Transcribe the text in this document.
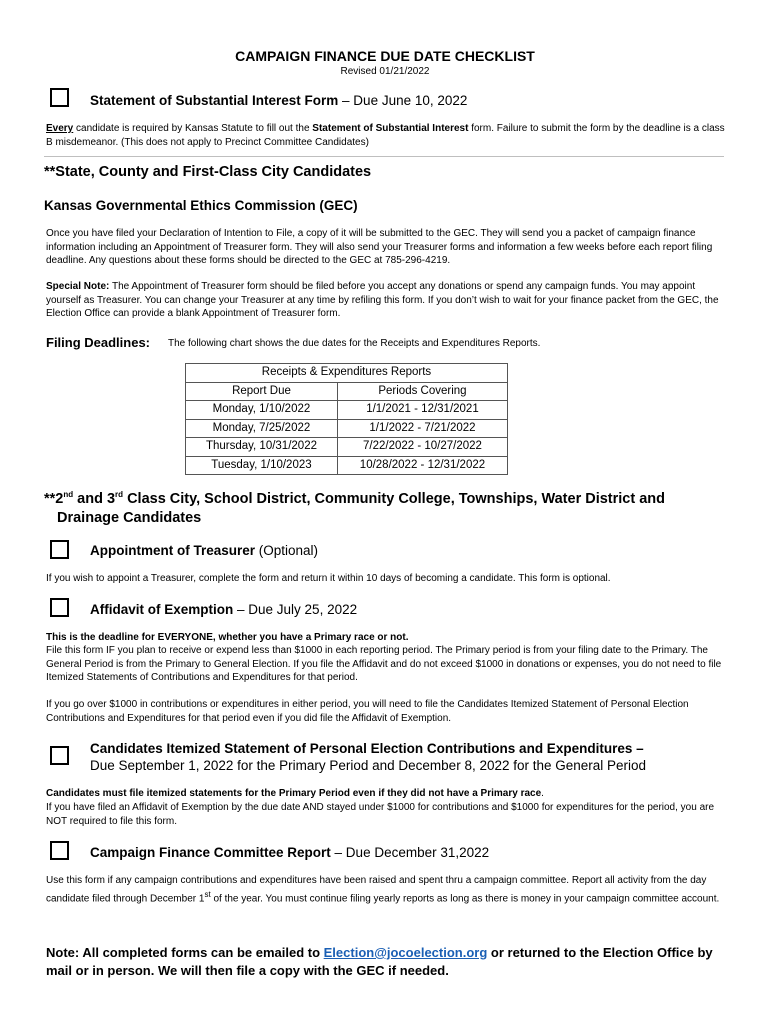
CAMPAIGN FINANCE DUE DATE CHECKLIST
Revised 01/21/2022
Statement of Substantial Interest Form – Due June 10, 2022
Every candidate is required by Kansas Statute to fill out the Statement of Substantial Interest form. Failure to submit the form by the deadline is a class B misdemeanor. (This does not apply to Precinct Committee Candidates)
**State, County and First-Class City Candidates
Kansas Governmental Ethics Commission (GEC)
Once you have filed your Declaration of Intention to File, a copy of it will be submitted to the GEC. They will send you a packet of campaign finance information including an Appointment of Treasurer form. They will also send your Treasurer forms and information a few weeks before each report filing deadline. Any questions about these forms should be directed to the GEC at 785-296-4219.
Special Note: The Appointment of Treasurer form should be filed before you accept any donations or spend any campaign funds. You may appoint yourself as Treasurer. You can change your Treasurer at any time by refiling this form. If you don’t wish to wait for your finance packet from the GEC, the Election Office can provide a blank Appointment of Treasurer form.
Filing Deadlines: The following chart shows the due dates for the Receipts and Expenditures Reports.
Receipts & Expenditures Reports	
Report Due	Periods Covering
Monday, 1/10/2022	1/1/2021 - 12/31/2021
Monday, 7/25/2022	1/1/2022 - 7/21/2022
Thursday, 10/31/2022	7/22/2022 - 10/27/2022
Tuesday, 1/10/2023	10/28/2022 - 12/31/2022
**2nd and 3rd Class City, School District, Community College, Townships, Water District and
Drainage Candidates
Appointment of Treasurer (Optional)
If you wish to appoint a Treasurer, complete the form and return it within 10 days of becoming a candidate. This form is optional.
Affidavit of Exemption – Due July 25, 2022
This is the deadline for EVERYONE, whether you have a Primary race or not.
File this form IF you plan to receive or expend less than $1000 in each reporting period. The Primary period is from your filing date to the Primary. The General Period is from the Primary to General Election. If you file the Affidavit and do not exceed $1000 in donations or expenses, you do not need to file Itemized Statements of Contributions and Expenditures for that period.
If you go over $1000 in contributions or expenditures in either period, you will need to file the Candidates Itemized Statement of Personal Election Contributions and Expenditures for that period even if you did file the Affidavit of Exemption.
Candidates Itemized Statement of Personal Election Contributions and Expenditures –
Due September 1, 2022 for the Primary Period and December 8, 2022 for the General Period
Candidates must file itemized statements for the Primary Period even if they did not have a Primary race.
If you have filed an Affidavit of Exemption by the due date AND stayed under $1000 for contributions and $1000 for expenditures for the period, you are NOT required to file this form.
Campaign Finance Committee Report – Due December 31,2022
Use this form if any campaign contributions and expenditures have been raised and spent thru a campaign committee. Report all activity from the day candidate filed through December 1st of the year. You must continue filing yearly reports as long as there is money in your campaign committee account.
Note: All completed forms can be emailed to Election@jocoelection.org or returned to the Election Office by mail or in person. We will then file a copy with the GEC if needed.
